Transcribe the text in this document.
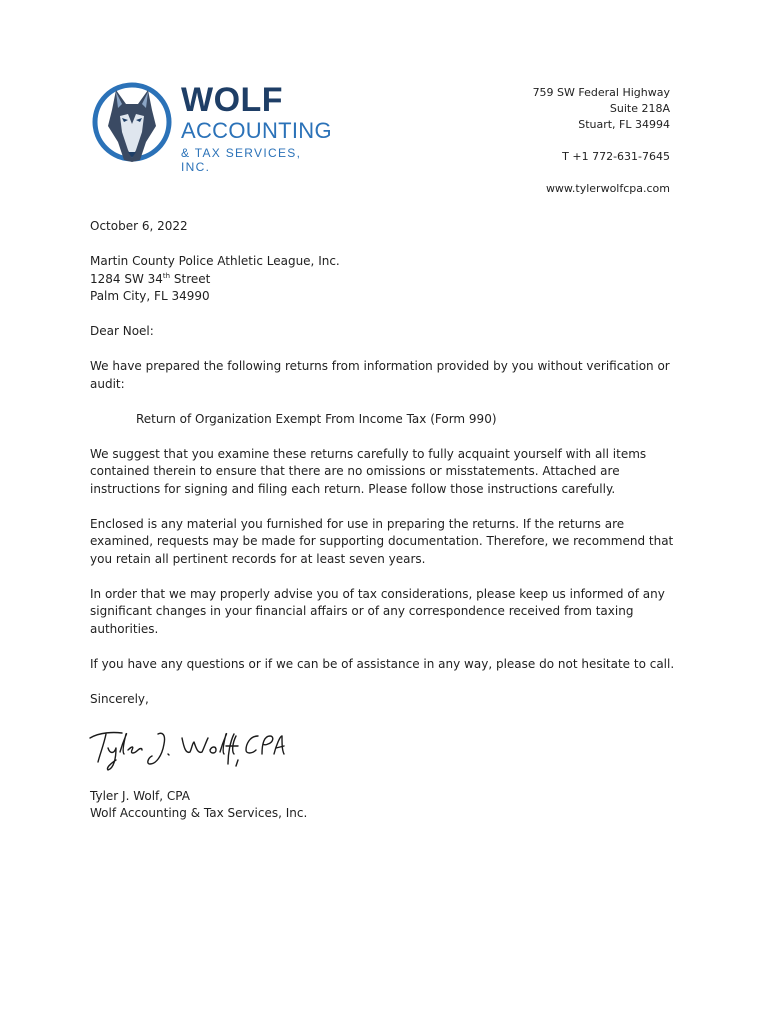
WOLF
ACCOUNTING
& TAX SERVICES, INC.
759 SW Federal Highway
Suite 218A
Stuart, FL 34994
T +1 772-631-7645
www.tylerwolfcpa.com

October 6, 2022

Martin County Police Athletic League, Inc.
1284 SW 34th Street
Palm City, FL 34990

Dear Noel:

We have prepared the following returns from information provided by you without verification or audit:

Return of Organization Exempt From Income Tax (Form 990)

We suggest that you examine these returns carefully to fully acquaint yourself with all items contained therein to ensure that there are no omissions or misstatements. Attached are instructions for signing and filing each return. Please follow those instructions carefully.

Enclosed is any material you furnished for use in preparing the returns. If the returns are examined, requests may be made for supporting documentation. Therefore, we recommend that you retain all pertinent records for at least seven years.

In order that we may properly advise you of tax considerations, please keep us informed of any significant changes in your financial affairs or of any correspondence received from taxing authorities.

If you have any questions or if we can be of assistance in any way, please do not hesitate to call.

Sincerely,

Tyler J. Wolf, CPA
Wolf Accounting & Tax Services, Inc.
